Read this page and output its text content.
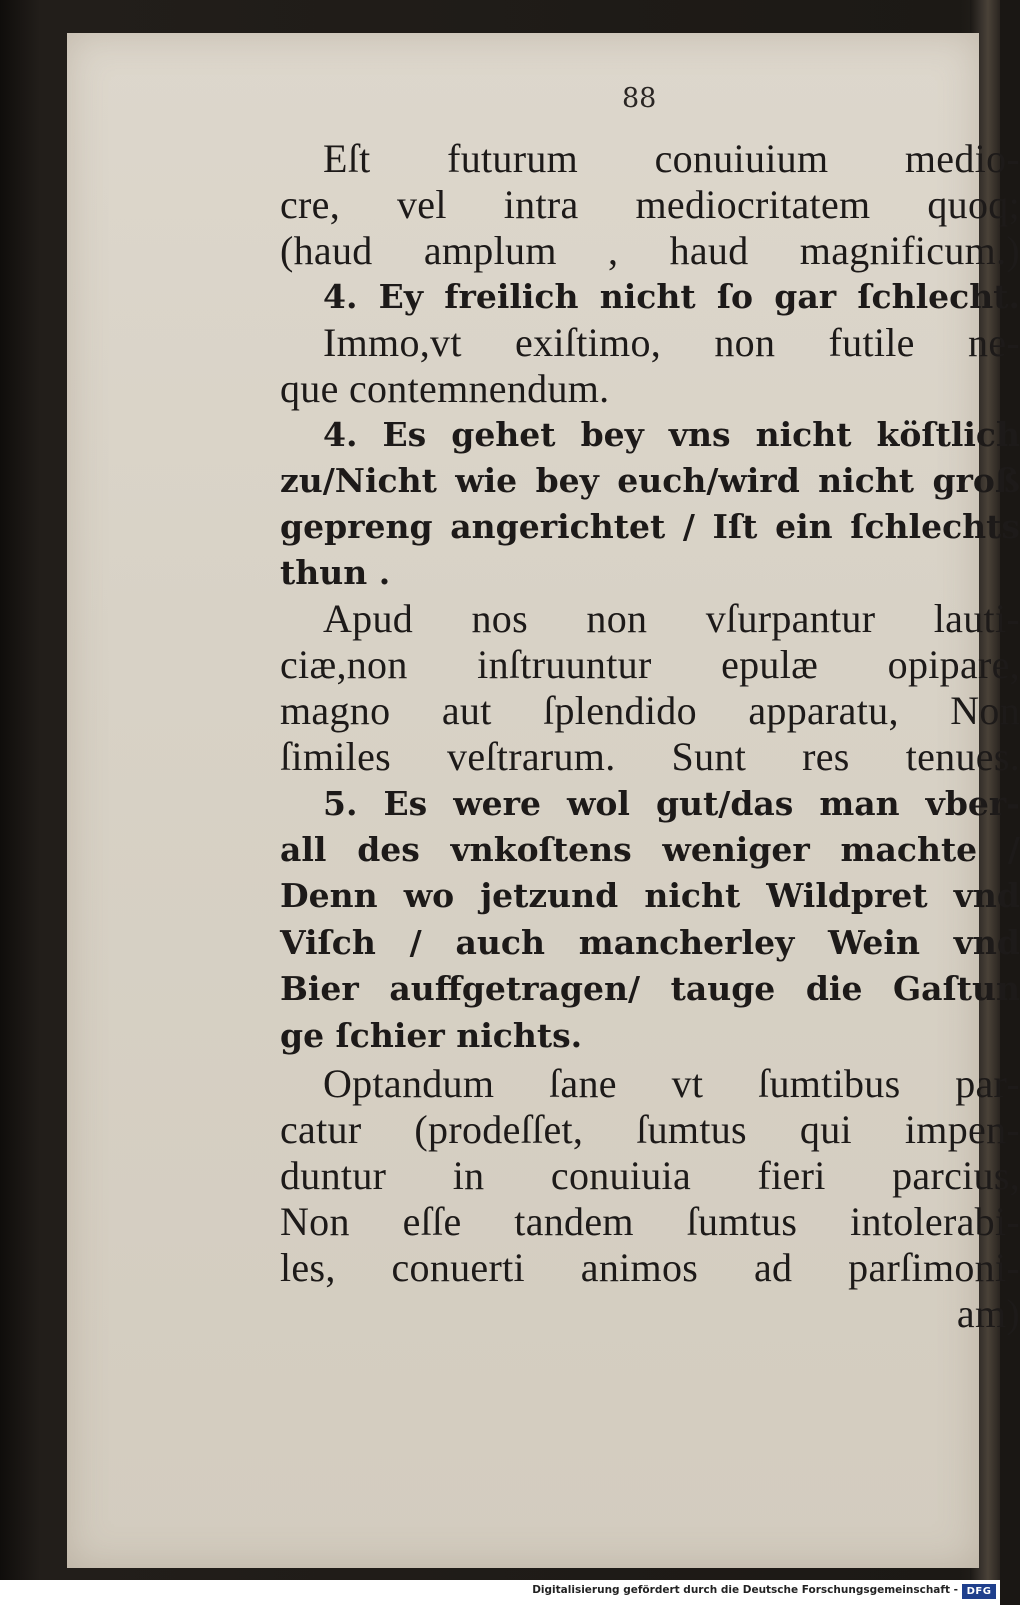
88
Eſt futurum conuiuium medio-
cre, vel intra mediocritatem quoq;
(haud amplum , haud magnificum.)
4. Ey freilich nicht ſo gar ſchlecht.
Immo,vt exiſtimo, non futile ne-
que contemnendum.
4. Es gehet bey vns nicht köſtlich
zu/Nicht wie bey euch/wird nicht groß
gepreng angerichtet / Iſt ein ſchlechts
thun .
Apud nos non vſurpantur lauti-
ciæ,non inſtruuntur epulæ opipare,
magno aut ſplendido apparatu, Non
ſimiles veſtrarum. Sunt res tenues.
5. Es were wol gut/das man vber-
all des vnkoſtens weniger machte /
Denn wo jetzund nicht Wildpret vnd
Viſch / auch mancherley Wein vnd
Bier auffgetragen/ tauge die Gaſtun
ge ſchier nichts.
Optandum ſane vt ſumtibus par-
catur (prodeſſet, ſumtus qui impen-
duntur in conuiuia fieri parcius,
Non eſſe tandem ſumtus intolerabi-
les, conuerti animos ad parſimoni-
am)
Digitalisierung gefördert durch die Deutsche Forschungsgemeinschaft - DFG
